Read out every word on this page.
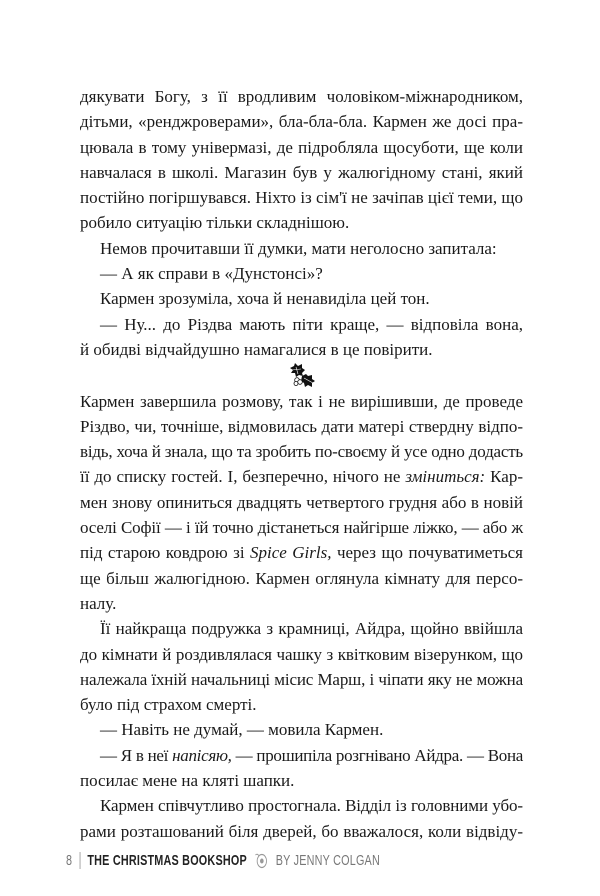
дякувати Богу, з її вродливим чоловіком-міжнародником,
дітьми, «ренджроверами», бла-бла-бла. Кармен же досі пра-
цювала в тому універмазі, де підробляла щосуботи, ще коли
навчалася в школі. Магазин був у жалюгідному стані, який
постійно погіршувався. Ніхто із сім'ї не зачіпав цієї теми, що
робило ситуацію тільки складнішою.
Немов прочитавши її думки, мати неголосно запитала:
— А як справи в «Дунстонсі»?
Кармен зрозуміла, хоча й ненавиділа цей тон.
— Ну... до Різдва мають піти краще, — відповіла вона,
й обидві відчайдушно намагалися в це повірити.
Кармен завершила розмову, так і не вирішивши, де проведе
Різдво, чи, точніше, відмовилась дати матері ствердну відпо-
відь, хоча й знала, що та зробить по-своєму й усе одно додасть
її до списку гостей. І, безперечно, нічого не зміниться: Кар-
мен знову опиниться двадцять четвертого грудня або в новій
оселі Софії — і їй точно дістанеться найгірше ліжко, — або ж
під старою ковдрою зі Spice Girls, через що почуватиметься
ще більш жалюгідною. Кармен оглянула кімнату для персо-
налу.
Її найкраща подружка з крамниці, Айдра, щойно ввійшла
до кімнати й роздивлялася чашку з квітковим візерунком, що
належала їхній начальниці місис Марш, і чіпати яку не можна
було під страхом смерті.
— Навіть не думай, — мовила Кармен.
— Я в неї напісяю, — прошипіла розгнівано Айдра. — Вона
посилає мене на кляті шапки.
Кармен співчутливо простогнала. Відділ із головними убо-
рами розташований біля дверей, бо вважалося, коли відвіду-
8 THE CHRISTMAS BOOKSHOP BY JENNY COLGAN
